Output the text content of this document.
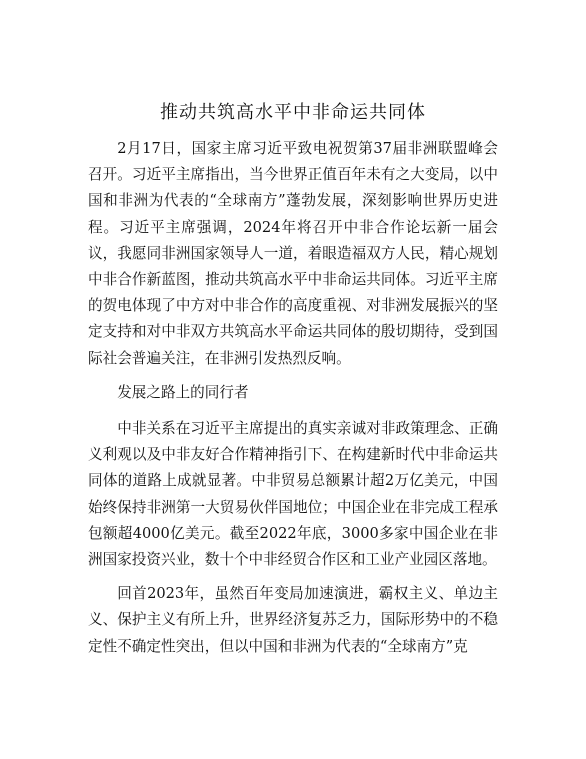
推动共筑高水平中非命运共同体

2月17日，国家主席习近平致电祝贺第37届非洲联盟峰会召开。习近平主席指出，当今世界正值百年未有之大变局，以中国和非洲为代表的“全球南方”蓬勃发展，深刻影响世界历史进程。习近平主席强调，2024年将召开中非合作论坛新一届会议，我愿同非洲国家领导人一道，着眼造福双方人民，精心规划中非合作新蓝图，推动共筑高水平中非命运共同体。习近平主席的贺电体现了中方对中非合作的高度重视、对非洲发展振兴的坚定支持和对中非双方共筑高水平命运共同体的殷切期待，受到国际社会普遍关注，在非洲引发热烈反响。

发展之路上的同行者

中非关系在习近平主席提出的真实亲诚对非政策理念、正确义利观以及中非友好合作精神指引下、在构建新时代中非命运共同体的道路上成就显著。中非贸易总额累计超2万亿美元，中国始终保持非洲第一大贸易伙伴国地位；中国企业在非完成工程承包额超4000亿美元。截至2022年底，3000多家中国企业在非洲国家投资兴业，数十个中非经贸合作区和工业产业园区落地。

回首2023年，虽然百年变局加速演进，霸权主义、单边主义、保护主义有所上升，世界经济复苏乏力，国际形势中的不稳定性不确定性突出，但以中国和非洲为代表的“全球南方”克
